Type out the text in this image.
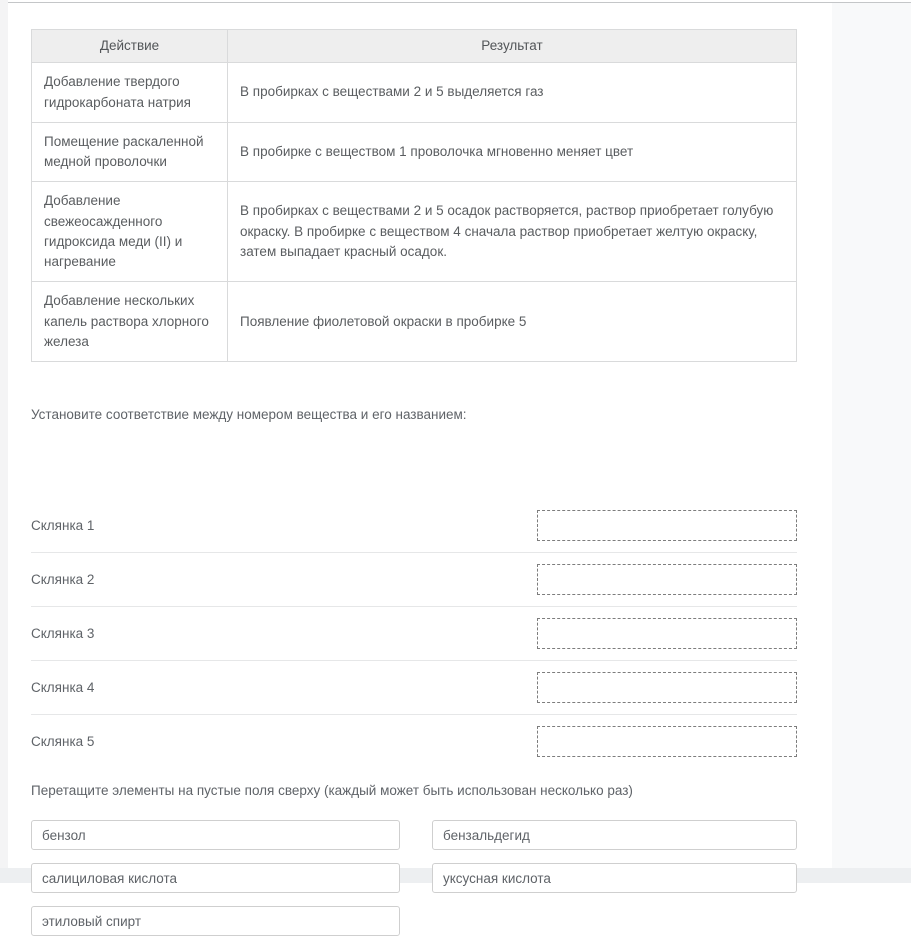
Действие	Результат
Добавление твердого гидрокарбоната натрия	В пробирках с веществами 2 и 5 выделяется газ
Помещение раскаленной медной проволочки	В пробирке с веществом 1 проволочка мгновенно меняет цвет
Добавление свежеосажденного гидроксида меди (II) и нагревание	В пробирках с веществами 2 и 5 осадок растворяется, раствор приобретает голубую окраску. В пробирке с веществом 4 сначала раствор приобретает желтую окраску, затем выпадает красный осадок.
Добавление нескольких капель раствора хлорного железа	Появление фиолетовой окраски в пробирке 5
Установите соответствие между номером вещества и его названием:
Склянка 1
Склянка 2
Склянка 3
Склянка 4
Склянка 5
Перетащите элементы на пустые поля сверху (каждый может быть использован несколько раз)
бензол	бензальдегид
салициловая кислота	уксусная кислота
этиловый спирт
